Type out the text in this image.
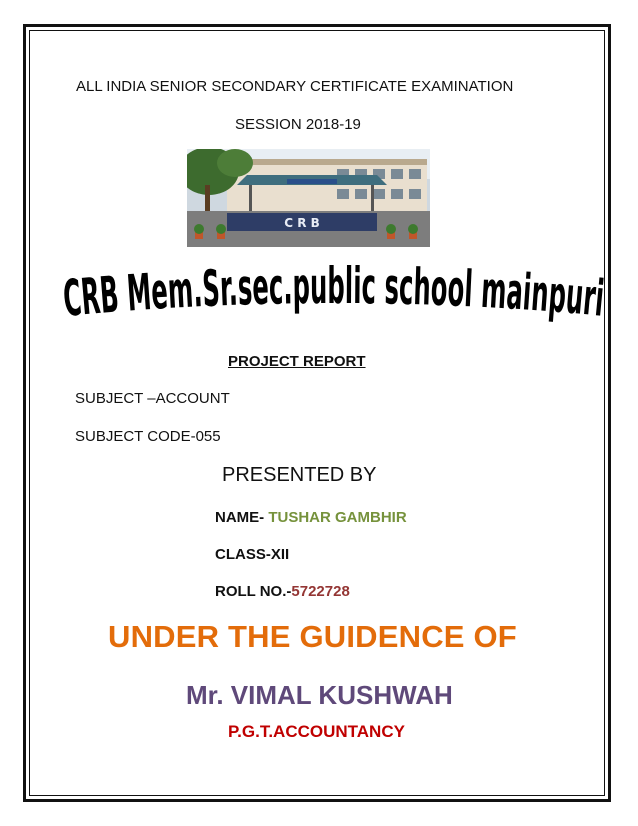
ALL INDIA SENIOR SECONDARY CERTIFICATE EXAMINATION
SESSION 2018-19
C R B
CRB Mem.Sr.sec.public school mainpur
PROJECT REPORT
SUBJECT –ACCOUNT
SUBJECT CODE-055
PRESENTED BY
NAME- TUSHAR GAMBHIR
CLASS-XII
ROLL NO.-5722728
UNDER THE GUIDENCE OF
Mr. VIMAL KUSHWAH
P.G.T.ACCOUNTANCY
